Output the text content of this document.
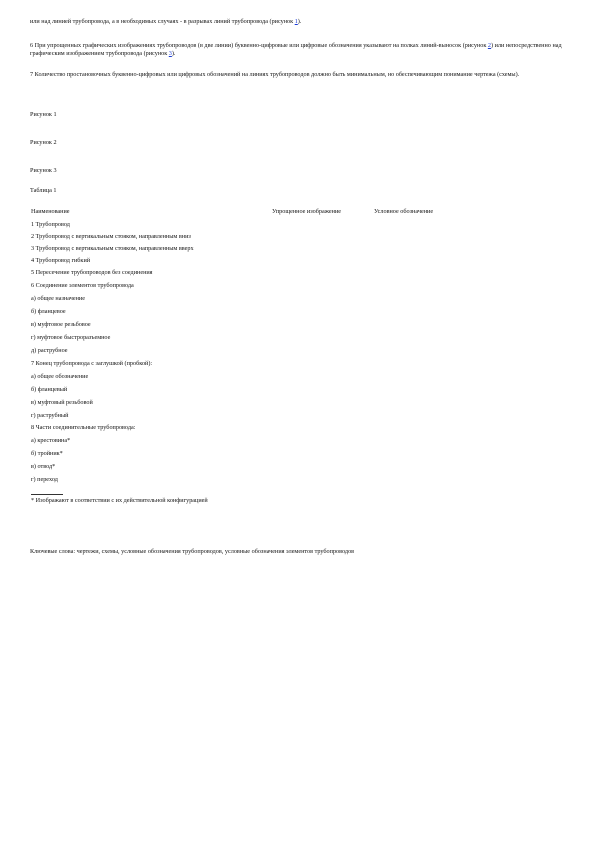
или над линией трубопровода, а в необходимых случаях - в разрывах линий трубопровода (рисунок 1).
6 При упрощенных графических изображениях трубопроводов (в две линии) буквенно-цифровые или цифровые обозначения указывают на полках линий-выносок (рисунок 2) или непосредственно над графическим изображением трубопровода (рисунок 3).
7 Количество простановочных буквенно-цифровых или цифровых обозначений на линиях трубопроводов должно быть минимальным, но обеспечивающим понимание чертежа (схемы).
Рисунок 1
Рисунок 2
Рисунок 3
Таблица 1
Наименование	Упрощенное изображение	Условное обозначение
1 Трубопровод
2 Трубопровод с вертикальным стояком, направленным вниз
3 Трубопровод с вертикальным стояком, направленным вверх
4 Трубопровод гибкий
5 Пересечение трубопроводов без соединения
6 Соединение элементов трубопровода
а) общее назначение
б) фланцевое
в) муфтовое резьбовое
г) муфтовое быстроразъемное
д) раструбное
7 Конец трубопровода с заглушкой (пробкой):
а) общее обозначение
б) фланцевый
в) муфтовый резьбовой
г) раструбный
8 Части соединительные трубопровода:
а) крестовина*
б) тройник*
в) отвод*
г) переход
* Изображают в соответствии с их действительной конфигурацией
Ключевые слова: чертежи, схемы, условные обозначения трубопроводов, условные обозначения элементов трубопроводов
